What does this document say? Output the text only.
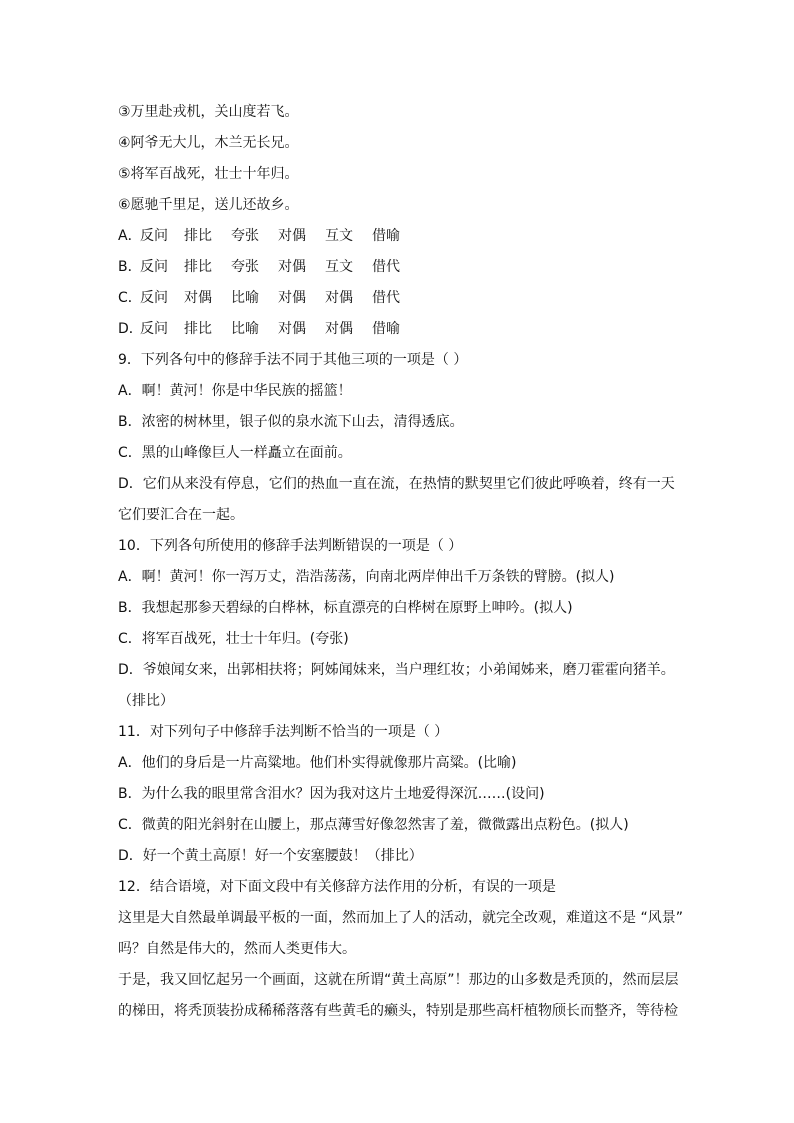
③万里赴戎机，关山度若飞。
④阿爷无大儿，木兰无长兄。
⑤将军百战死，壮士十年归。
⑥愿驰千里足，送儿还故乡。
A．反问 排比 夸张 对偶 互文 借喻
B．反问 排比 夸张 对偶 互文 借代
C．反问 对偶 比喻 对偶 对偶 借代
D．反问 排比 比喻 对偶 对偶 借喻
9．下列各句中的修辞手法不同于其他三项的一项是（ ）
A．啊！黄河！你是中华民族的摇篮！
B．浓密的树林里，银子似的泉水流下山去，清得透底。
C．黑的山峰像巨人一样矗立在面前。
D．它们从来没有停息，它们的热血一直在流，在热情的默契里它们彼此呼唤着，终有一天
它们要汇合在一起。
10．下列各句所使用的修辞手法判断错误的一项是（ ）
A．啊！黄河！你一泻万丈，浩浩荡荡，向南北两岸伸出千万条铁的臂膀。(拟人)
B．我想起那参天碧绿的白桦林，标直漂亮的白桦树在原野上呻吟。(拟人)
C．将军百战死，壮士十年归。(夸张)
D．爷娘闻女来，出郭相扶将；阿姊闻妹来，当户理红妆；小弟闻姊来，磨刀霍霍向猪羊。
（排比）
11．对下列句子中修辞手法判断不恰当的一项是（ ）
A．他们的身后是一片高粱地。他们朴实得就像那片高粱。(比喻)
B．为什么我的眼里常含泪水？因为我对这片土地爱得深沉……(设问)
C．微黄的阳光斜射在山腰上，那点薄雪好像忽然害了羞，微微露出点粉色。(拟人)
D．好一个黄土高原！好一个安塞腰鼓！（排比）
12．结合语境，对下面文段中有关修辞方法作用的分析，有误的一项是
这里是大自然最单调最平板的一面，然而加上了人的活动，就完全改观，难道这不是 “风景”
吗？自然是伟大的，然而人类更伟大。
于是，我又回忆起另一个画面，这就在所谓“黄土高原”！那边的山多数是秃顶的，然而层层
的梯田，将秃顶装扮成稀稀落落有些黄毛的癞头，特别是那些高杆植物颀长而整齐，等待检
